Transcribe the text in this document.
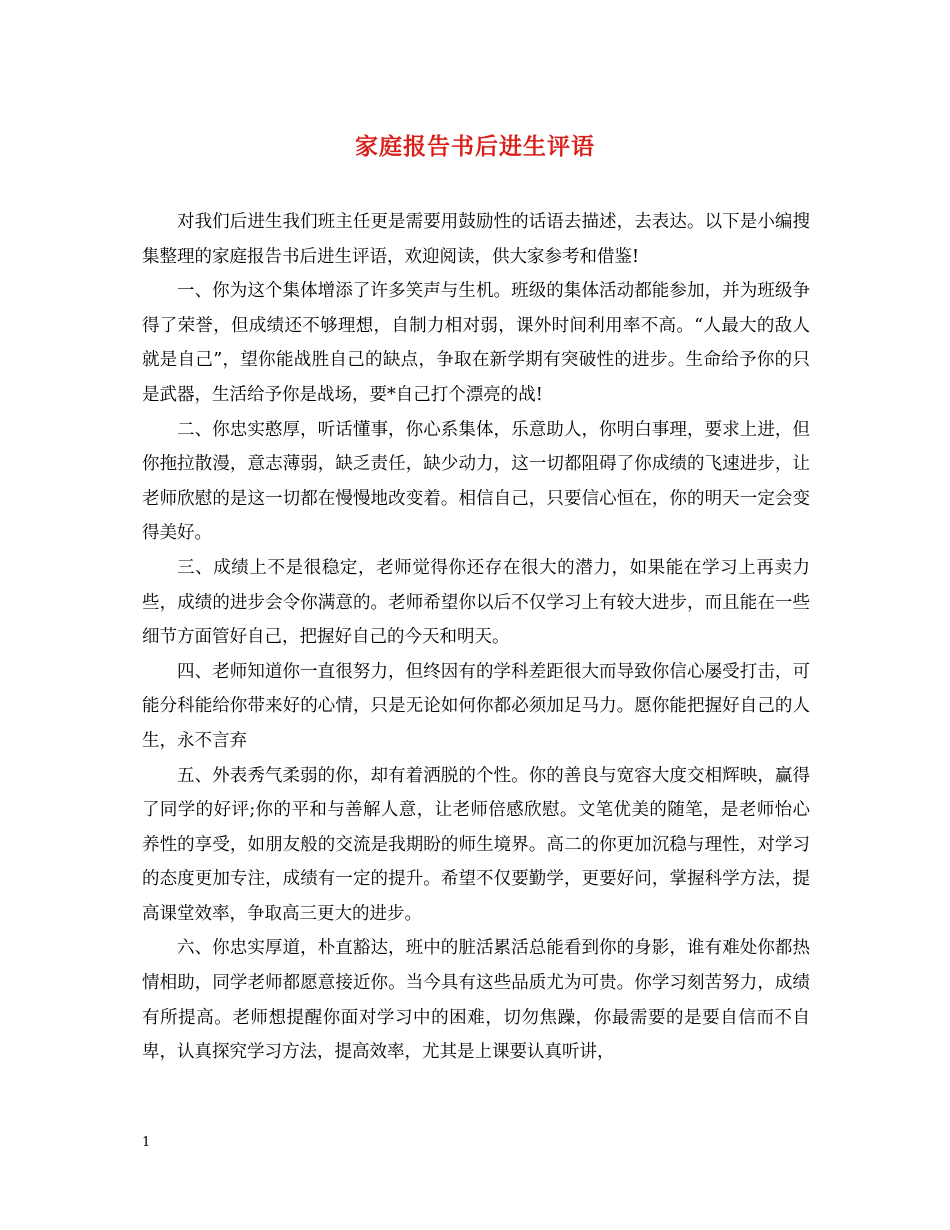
家庭报告书后进生评语

对我们后进生我们班主任更是需要用鼓励性的话语去描述，去表达。以下是小编搜集整理的家庭报告书后进生评语，欢迎阅读，供大家参考和借鉴!

一、你为这个集体增添了许多笑声与生机。班级的集体活动都能参加，并为班级争得了荣誉，但成绩还不够理想，自制力相对弱，课外时间利用率不高。“人最大的敌人就是自己”，望你能战胜自己的缺点，争取在新学期有突破性的进步。生命给予你的只是武器，生活给予你是战场，要*自己打个漂亮的战!

二、你忠实憨厚，听话懂事，你心系集体，乐意助人，你明白事理，要求上进，但你拖拉散漫，意志薄弱，缺乏责任，缺少动力，这一切都阻碍了你成绩的飞速进步，让老师欣慰的是这一切都在慢慢地改变着。相信自己，只要信心恒在，你的明天一定会变得美好。

三、成绩上不是很稳定，老师觉得你还存在很大的潜力，如果能在学习上再卖力些，成绩的进步会令你满意的。老师希望你以后不仅学习上有较大进步，而且能在一些细节方面管好自己，把握好自己的今天和明天。

四、老师知道你一直很努力，但终因有的学科差距很大而导致你信心屡受打击，可能分科能给你带来好的心情，只是无论如何你都必须加足马力。愿你能把握好自己的人生，永不言弃

五、外表秀气柔弱的你，却有着洒脱的个性。你的善良与宽容大度交相辉映，赢得了同学的好评;你的平和与善解人意，让老师倍感欣慰。文笔优美的随笔，是老师怡心养性的享受，如朋友般的交流是我期盼的师生境界。高二的你更加沉稳与理性，对学习的态度更加专注，成绩有一定的提升。希望不仅要勤学，更要好问，掌握科学方法，提高课堂效率，争取高三更大的进步。

六、你忠实厚道，朴直豁达，班中的脏活累活总能看到你的身影，谁有难处你都热情相助，同学老师都愿意接近你。当今具有这些品质尤为可贵。你学习刻苦努力，成绩有所提高。老师想提醒你面对学习中的困难，切勿焦躁，你最需要的是要自信而不自卑，认真探究学习方法，提高效率，尤其是上课要认真听讲，

1
